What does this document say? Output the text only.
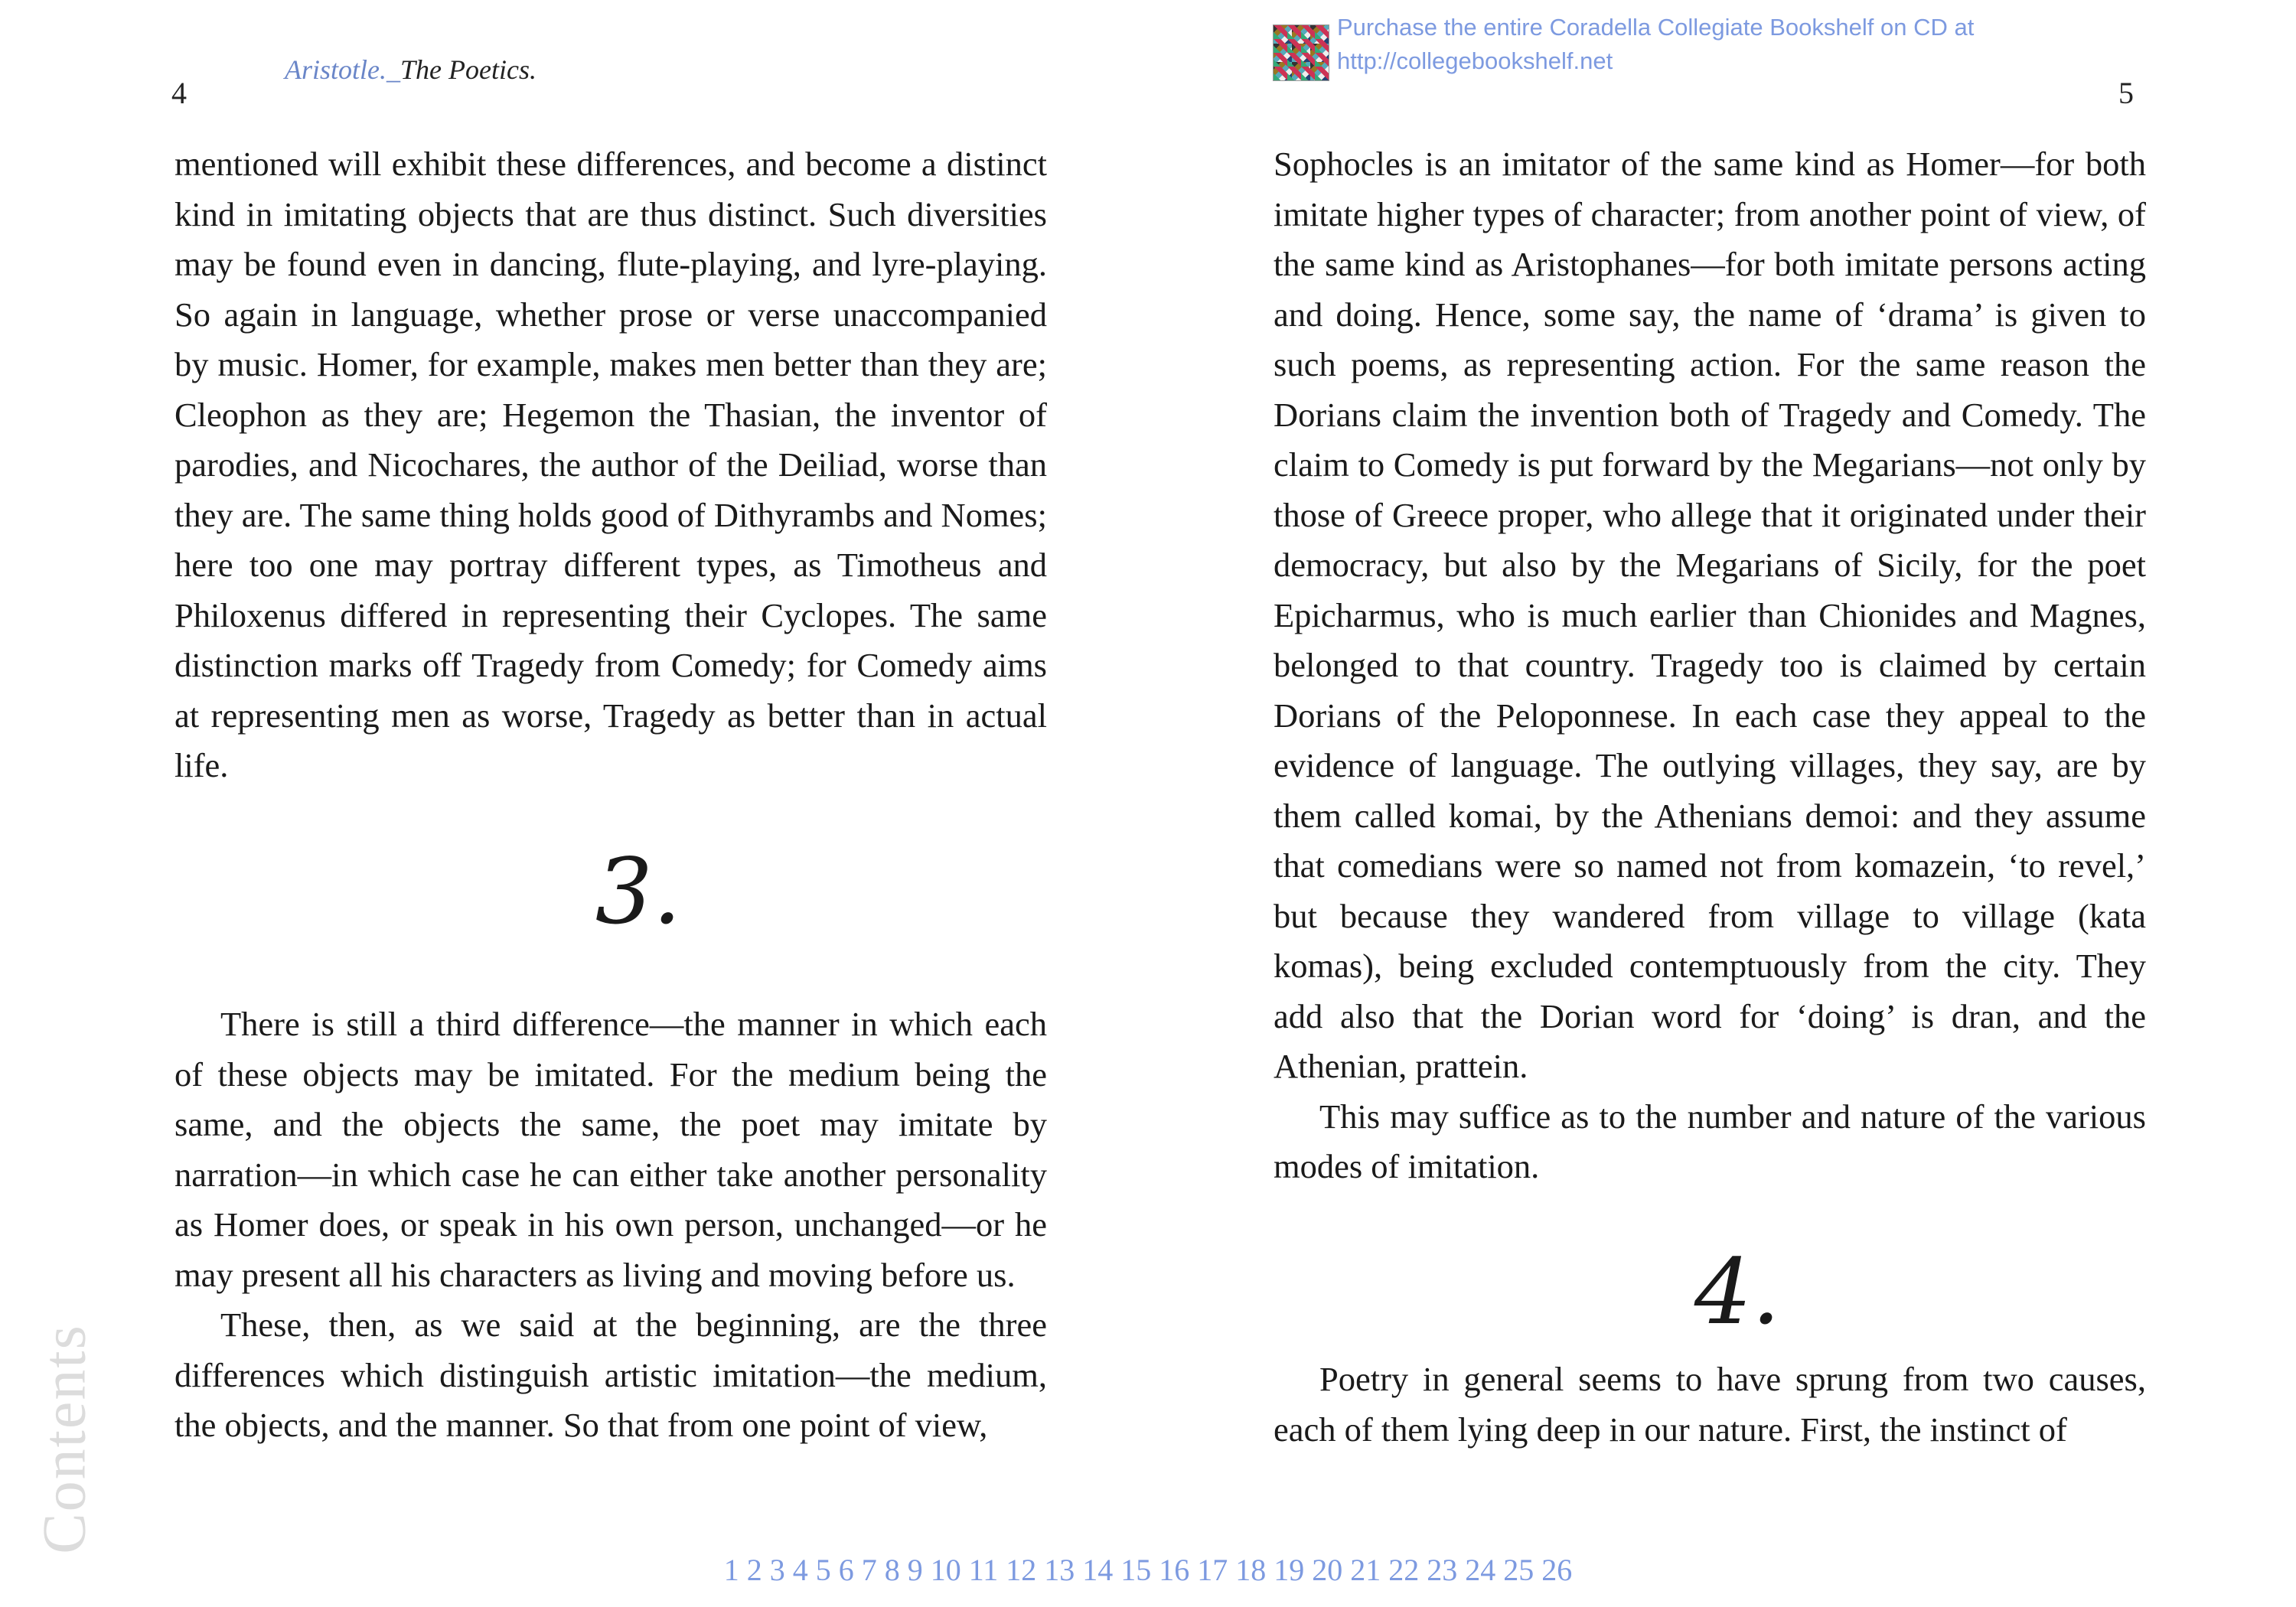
Aristotle._The Poetics.
4

mentioned will exhibit these differences, and become a distinct kind in imitating objects that are thus distinct. Such diversities may be found even in dancing, flute-playing, and lyre-playing. So again in language, whether prose or verse unaccompanied by music. Homer, for example, makes men better than they are; Cleophon as they are; Hegemon the Thasian, the inventor of parodies, and Nicochares, the author of the Deiliad, worse than they are. The same thing holds good of Dithyrambs and Nomes; here too one may portray different types, as Timotheus and Philoxenus differed in representing their Cyclopes. The same distinction marks off Tragedy from Comedy; for Comedy aims at representing men as worse, Tragedy as better than in actual life.

3.

There is still a third difference—the manner in which each of these objects may be imitated. For the medium being the same, and the objects the same, the poet may imitate by narration—in which case he can either take another personality as Homer does, or speak in his own person, unchanged—or he may present all his characters as living and moving before us.

These, then, as we said at the beginning, are the three differences which distinguish artistic imitation—the medium, the objects, and the manner. So that from one point of view,

Contents
Purchase the entire Coradella Collegiate Bookshelf on CD at
http://collegebookshelf.net
5

Sophocles is an imitator of the same kind as Homer—for both imitate higher types of character; from another point of view, of the same kind as Aristophanes—for both imitate persons acting and doing. Hence, some say, the name of ‘drama’ is given to such poems, as representing action. For the same reason the Dorians claim the invention both of Tragedy and Comedy. The claim to Comedy is put forward by the Megarians—not only by those of Greece proper, who allege that it originated under their democracy, but also by the Megarians of Sicily, for the poet Epicharmus, who is much earlier than Chionides and Magnes, belonged to that country. Tragedy too is claimed by certain Dorians of the Peloponnese. In each case they appeal to the evidence of language. The outlying villages, they say, are by them called komai, by the Athenians demoi: and they assume that comedians were so named not from komazein, ‘to revel,’ but because they wandered from village to village (kata komas), being excluded contemptuously from the city. They add also that the Dorian word for ‘doing’ is dran, and the Athenian, prattein.

This may suffice as to the number and nature of the various modes of imitation.

4.

Poetry in general seems to have sprung from two causes, each of them lying deep in our nature. First, the instinct of

1 2 3 4 5 6 7 8 9 10 11 12 13 14 15 16 17 18 19 20 21 22 23 24 25 26
